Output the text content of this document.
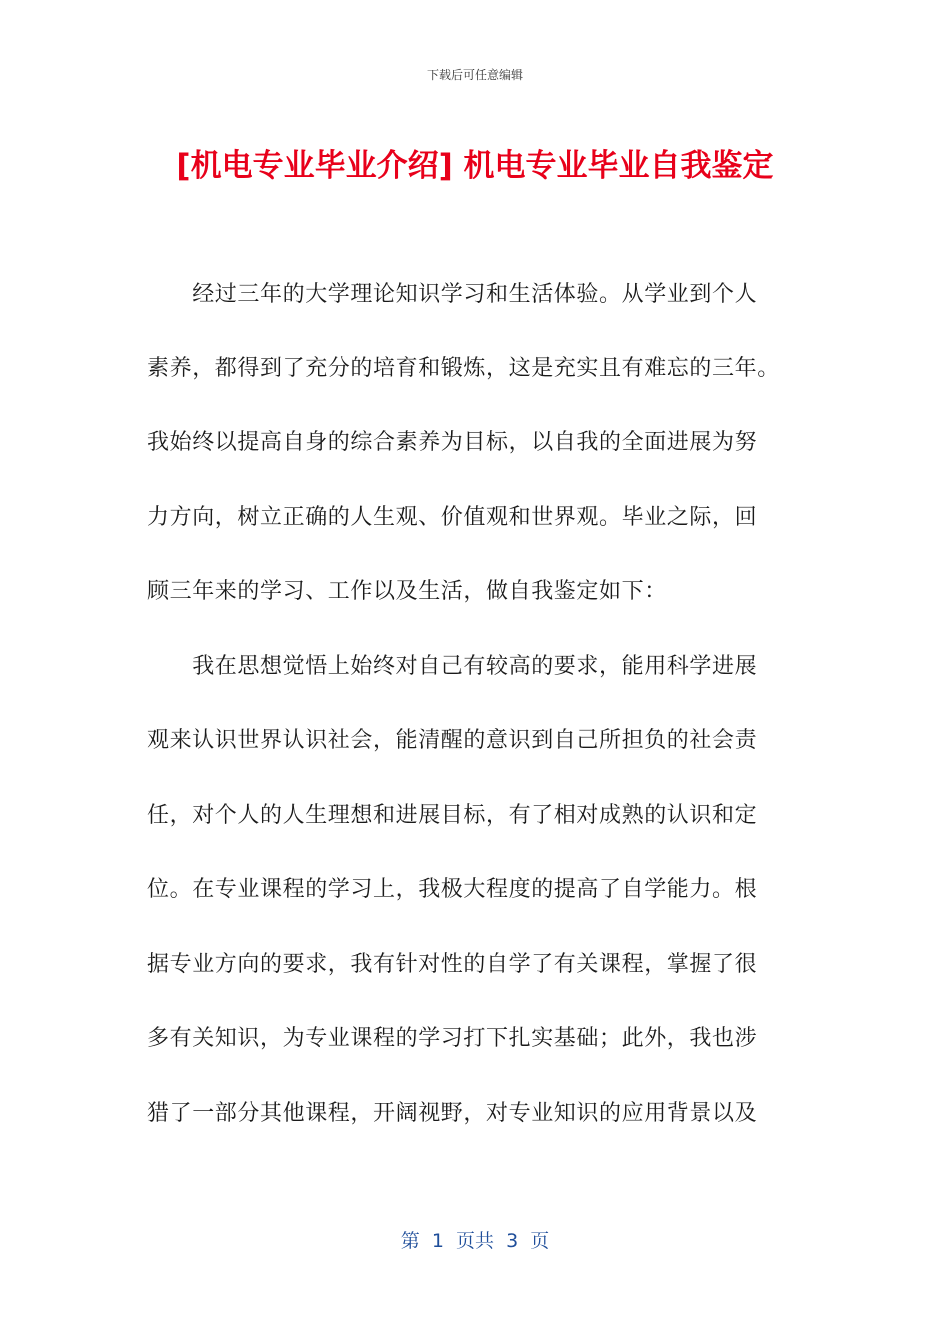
下载后可任意编辑
[机电专业毕业介绍] 机电专业毕业自我鉴定
　　经过三年的大学理论知识学习和生活体验。从学业到个人
素养，都得到了充分的培育和锻炼，这是充实且有难忘的三年。
我始终以提高自身的综合素养为目标，以自我的全面进展为努
力方向，树立正确的人生观、价值观和世界观。毕业之际，回
顾三年来的学习、工作以及生活，做自我鉴定如下：
　　我在思想觉悟上始终对自己有较高的要求，能用科学进展
观来认识世界认识社会，能清醒的意识到自己所担负的社会责
任，对个人的人生理想和进展目标，有了相对成熟的认识和定
位。在专业课程的学习上，我极大程度的提高了自学能力。根
据专业方向的要求，我有针对性的自学了有关课程，掌握了很
多有关知识，为专业课程的学习打下扎实基础；此外，我也涉
猎了一部分其他课程，开阔视野，对专业知识的应用背景以及
第  1  页共  3  页
